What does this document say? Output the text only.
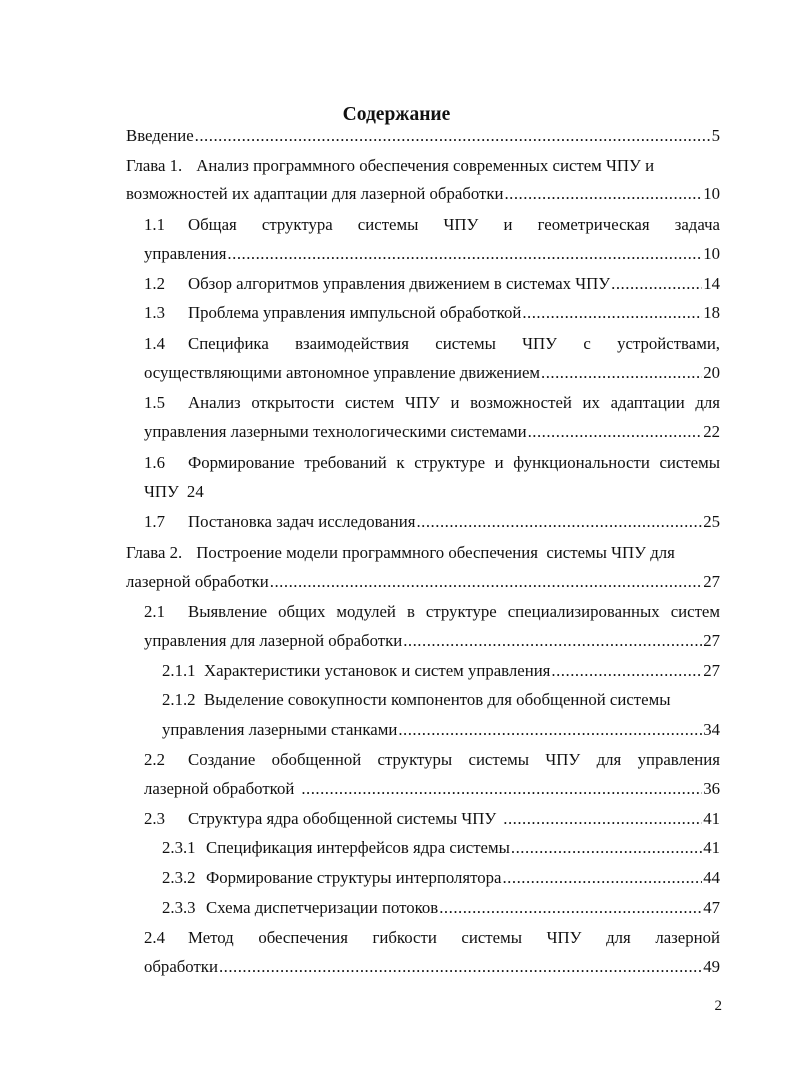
Содержание
Введение .....	5
Глава 1. Анализ программного обеспечения современных систем ЧПУ и
возможностей их адаптации для лазерной обработки .....	10
1.1	Общая структура системы ЧПУ и геометрическая задача
управления .....	10
1.2	Обзор алгоритмов управления движением в системах ЧПУ .....	14
1.3	Проблема управления импульсной обработкой .....	18
1.4	Специфика взаимодействия системы ЧПУ с устройствами,
осуществляющими автономное управление движением .....	20
1.5	Анализ открытости систем ЧПУ и возможностей их адаптации для
управления лазерными технологическими системами .....	22
1.6	Формирование требований к структуре и функциональности системы
ЧПУ 24
1.7	Постановка задач исследования .....	25
Глава 2. Построение модели программного обеспечения  системы ЧПУ для
лазерной обработки .....	27
2.1	Выявление общих модулей в структуре специализированных систем
управления для лазерной обработки .....	27
2.1.1 Характеристики установок и систем управления .....	27
2.1.2 Выделение совокупности компонентов для обобщенной системы
управления лазерными станками .....	34
2.2	Создание обобщенной структуры системы ЧПУ для управления
лазерной обработкой .....	36
2.3	Структура ядра обобщенной системы ЧПУ .....	41
2.3.1 Спецификация интерфейсов ядра системы .....	41
2.3.2 Формирование структуры интерполятора .....	44
2.3.3 Схема диспетчеризации потоков .....	47
2.4	Метод обеспечения гибкости системы ЧПУ для лазерной
обработки .....	49
2
